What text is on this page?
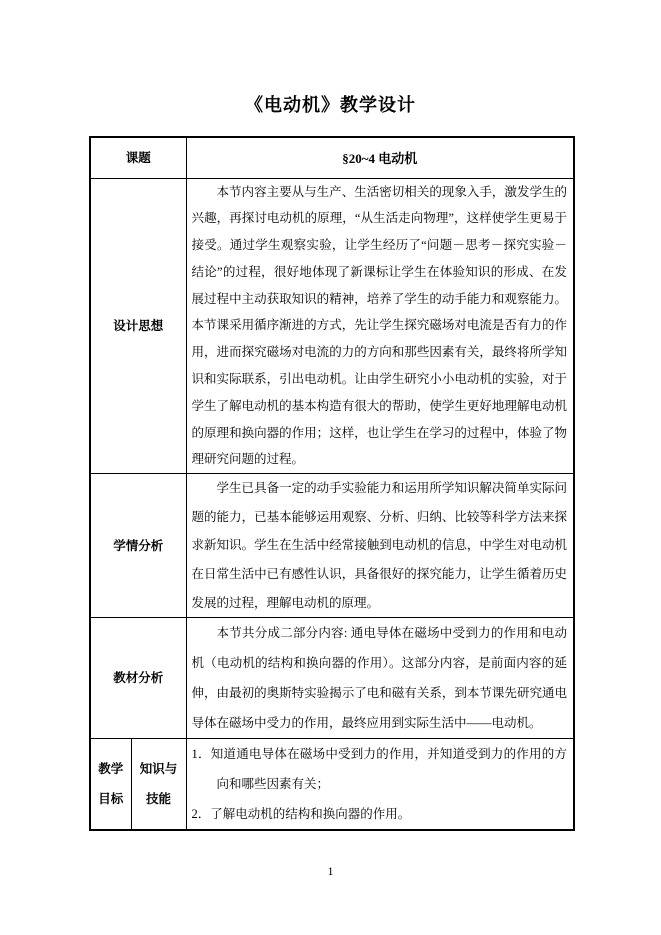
《电动机》教学设计
课题		§20~4 电动机
设计思想		本节内容主要从与生产、生活密切相关的现象入手，激发学生的兴趣，再探讨电动机的原理，“从生活走向物理”，这样使学生更易于接受。通过学生观察实验，让学生经历了“问题－思考－探究实验－结论”的过程，很好地体现了新课标让学生在体验知识的形成、在发展过程中主动获取知识的精神，培养了学生的动手能力和观察能力。本节课采用循序渐进的方式，先让学生探究磁场对电流是否有力的作用，进而探究磁场对电流的力的方向和那些因素有关，最终将所学知识和实际联系，引出电动机。让由学生研究小小电动机的实验，对于学生了解电动机的基本构造有很大的帮助，使学生更好地理解电动机的原理和换向器的作用；这样，也让学生在学习的过程中，体验了物理研究问题的过程。

学情分析		学生已具备一定的动手实验能力和运用所学知识解决简单实际问题的能力，已基本能够运用观察、分析、归纳、比较等科学方法来探求新知识。学生在生活中经常接触到电动机的信息，中学生对电动机在日常生活中已有感性认识，具备很好的探究能力，让学生循着历史发展的过程，理解电动机的原理。

教材分析		本节共分成二部分内容: 通电导体在磁场中受到力的作用和电动机（电动机的结构和换向器的作用）。这部分内容，是前面内容的延伸，由最初的奥斯特实验揭示了电和磁有关系，到本节课先研究通电导体在磁场中受力的作用，最终应用到实际生活中——电动机。

教学目标	知识与技能	1．知道通电导体在磁场中受到力的作用，并知道受到力的作用的方向和哪些因素有关；

2．了解电动机的结构和换向器的作用。

1
